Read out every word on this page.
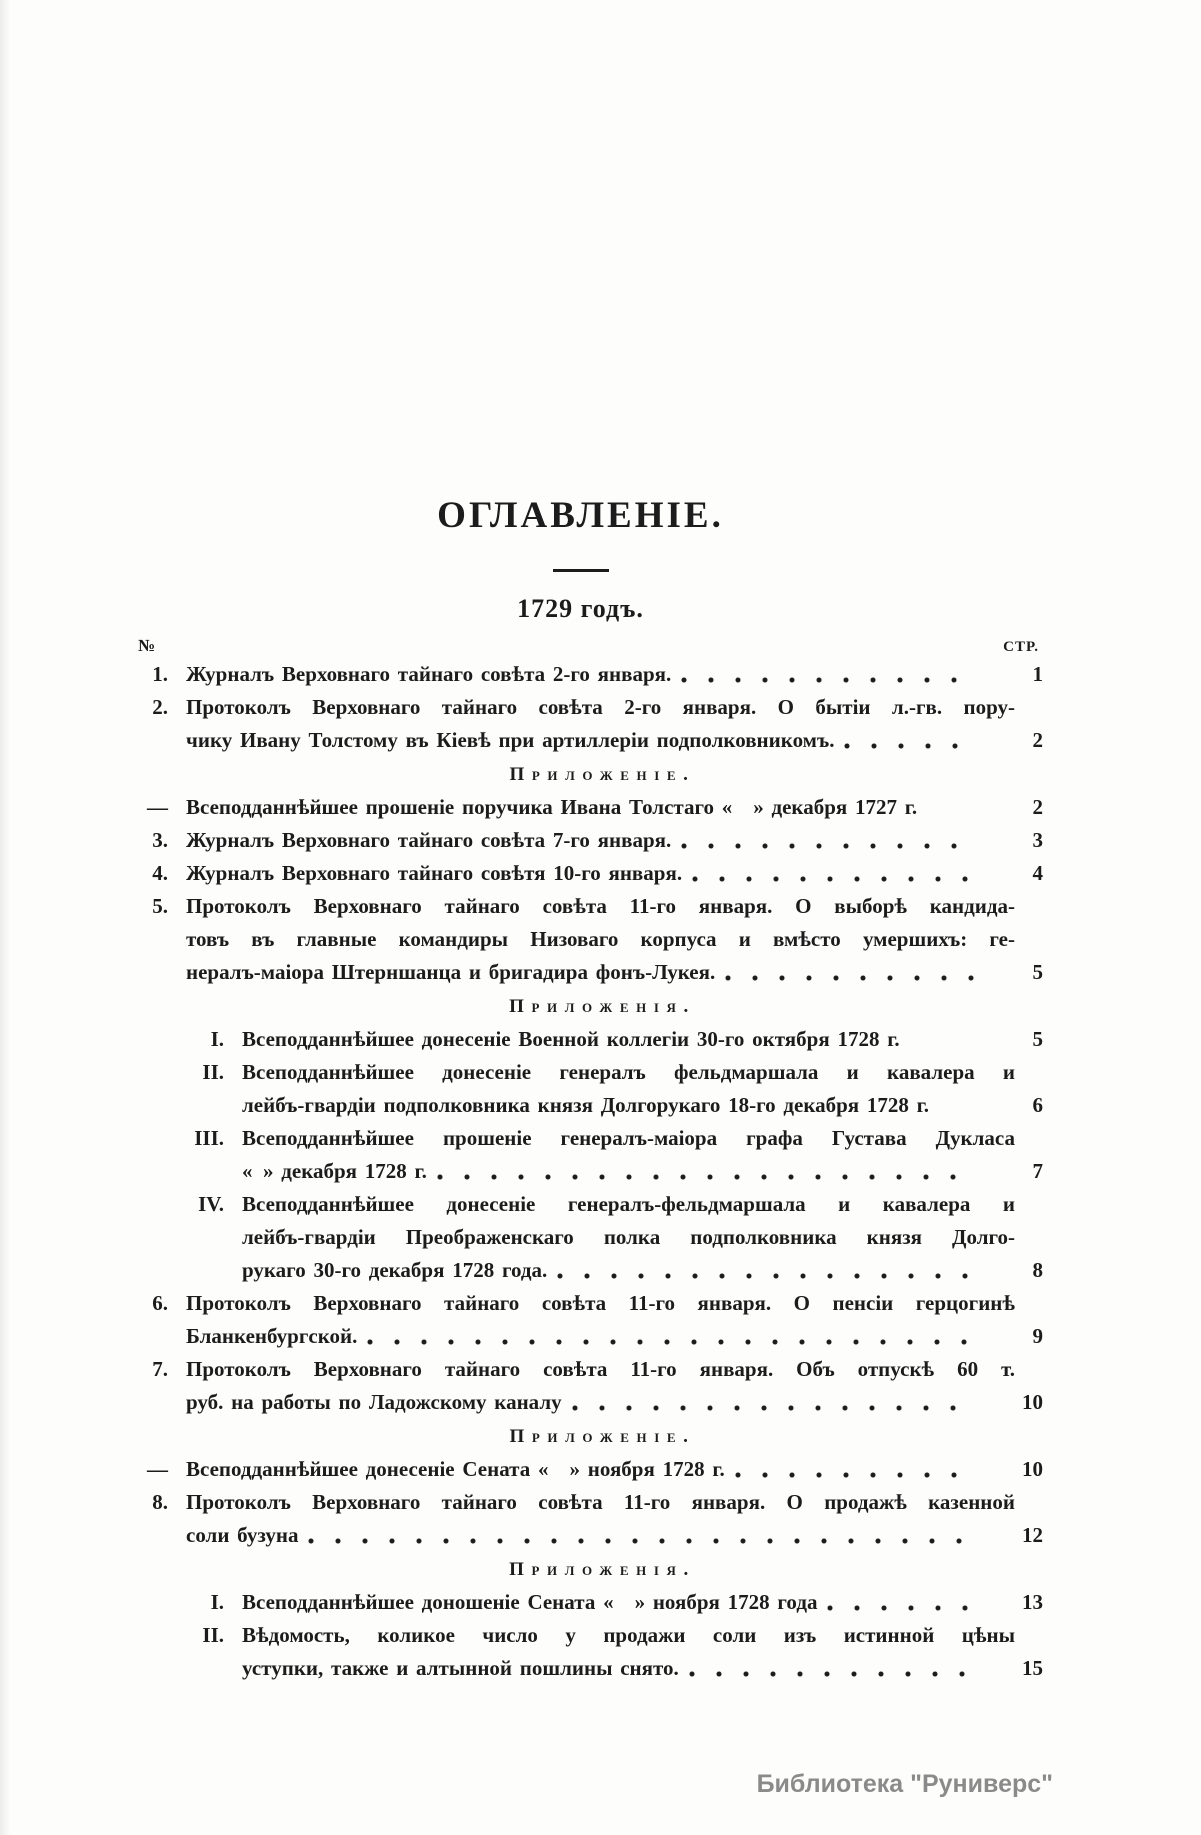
ОГЛАВЛЕНІЕ.
1729 годъ.
№	СТР.
1. Журналъ Верховнаго тайнаго совѣта 2-го января.	1
2. Протоколъ Верховнаго тайнаго совѣта 2-го января. О бытіи л.-гв. пору-
чику Ивану Толстому въ Кіевѣ при артиллеріи подполковникомъ.	2
Приложеніе.
— Всеподданнѣйшее прошеніе поручика Ивана Толстаго « » декабря 1727 г.	2
3. Журналъ Верховнаго тайнаго совѣта 7-го января.	3
4. Журналъ Верховнаго тайнаго совѣтя 10-го января.	4
5. Протоколъ Верховнаго тайнаго совѣта 11-го января. О выборѣ кандида-
товъ въ главные командиры Низоваго корпуса и вмѣсто умершихъ: ге-
нералъ-маіора Штерншанца и бригадира фонъ-Лукея.	5
Приложенія.
I. Всеподданнѣйшее донесеніе Военной коллегіи 30-го октября 1728 г.	5
II. Всеподданнѣйшее донесеніе генералъ фельдмаршала и кавалера и
лейбъ-гвардіи подполковника князя Долгорукаго 18-го декабря 1728 г.	6
III. Всеподданнѣйшее прошеніе генералъ-маіора графа Густава Дукласа
« » декабря 1728 г.	7
IV. Всеподданнѣйшее донесеніе генералъ-фельдмаршала и кавалера и
лейбъ-гвардіи Преображенскаго полка подполковника князя Долго-
рукаго 30-го декабря 1728 года.	8
6. Протоколъ Верховнаго тайнаго совѣта 11-го января. О пенсіи герцогинѣ
Бланкенбургской.	9
7. Протоколъ Верховнаго тайнаго совѣта 11-го января. Объ отпускѣ 60 т.
руб. на работы по Ладожскому каналу	10
Приложеніе.
— Всеподданнѣйшее донесеніе Сената « » ноября 1728 г.	10
8. Протоколъ Верховнаго тайнаго совѣта 11-го января. О продажѣ казенной
соли бузуна	12
Приложенія.
I. Всеподданнѣйшее доношеніе Сената « » ноября 1728 года	13
II. Вѣдомость, коликое число у продажи соли изъ истинной цѣны
уступки, также и алтынной пошлины снято.	15
Библиотека "Руниверс"
